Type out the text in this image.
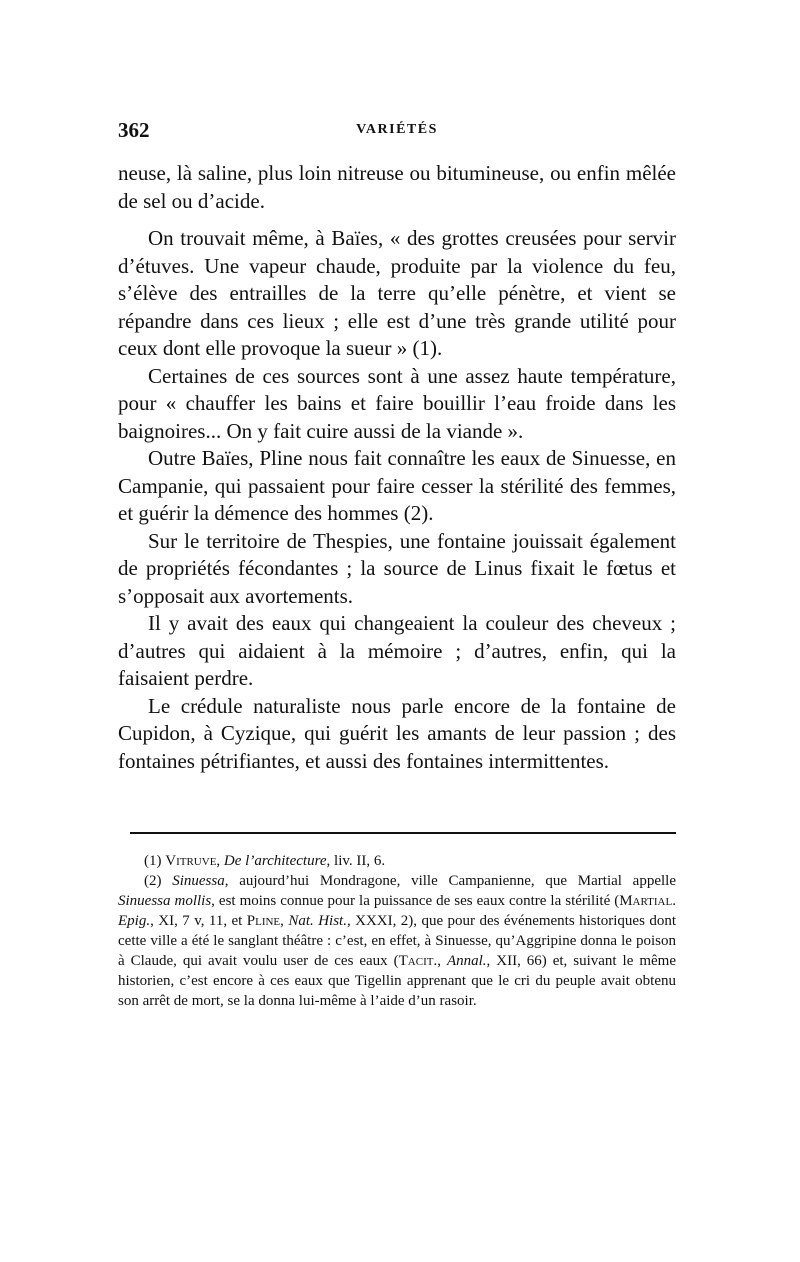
362	VARIÉTÉS

neuse, là saline, plus loin nitreuse ou bitumineuse, ou enfin mêlée de sel ou d’acide.

On trouvait même, à Baïes, « des grottes creusées pour servir d’étuves. Une vapeur chaude, produite par la violence du feu, s’élève des entrailles de la terre qu’elle pénètre, et vient se répandre dans ces lieux ; elle est d’une très grande utilité pour ceux dont elle provoque la sueur » (1).

Certaines de ces sources sont à une assez haute température, pour « chauffer les bains et faire bouillir l’eau froide dans les baignoires... On y fait cuire aussi de la viande ».

Outre Baïes, Pline nous fait connaître les eaux de Sinuesse, en Campanie, qui passaient pour faire cesser la stérilité des femmes, et guérir la démence des hommes (2).

Sur le territoire de Thespies, une fontaine jouissait également de propriétés fécondantes ; la source de Linus fixait le fœtus et s’opposait aux avortements.

Il y avait des eaux qui changeaient la couleur des cheveux ; d’autres qui aidaient à la mémoire ; d’autres, enfin, qui la faisaient perdre.

Le crédule naturaliste nous parle encore de la fontaine de Cupidon, à Cyzique, qui guérit les amants de leur passion ; des fontaines pétrifiantes, et aussi des fontaines intermittentes.

(1) Vitruve, De l’architecture, liv. II, 6.

(2) Sinuessa, aujourd’hui Mondragone, ville Campanienne, que Martial appelle Sinuessa mollis, est moins connue pour la puissance de ses eaux contre la stérilité (Martial. Epig., XI, 7 v, 11, et Pline, Nat. Hist., XXXI, 2), que pour des événements historiques dont cette ville a été le sanglant théâtre : c’est, en effet, à Sinuesse, qu’Aggripine donna le poison à Claude, qui avait voulu user de ces eaux (Tacit., Annal., XII, 66) et, suivant le même historien, c’est encore à ces eaux que Tigellin apprenant que le cri du peuple avait obtenu son arrêt de mort, se la donna lui-même à l’aide d’un rasoir.
